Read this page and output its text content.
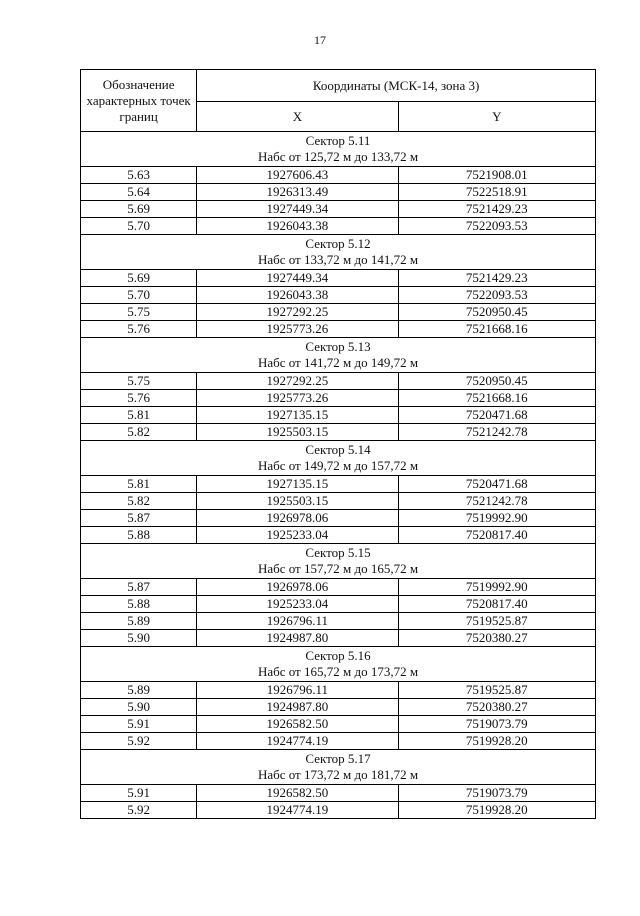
17
Обозначение характерных точек границ	Координаты (МСК-14, зона 3)	
	X	Y

Сектор 5.11
Набс от 125,72 м до 133,72 м		

5.63	1927606.43	7521908.01
5.64	1926313.49	7522518.91
5.69	1927449.34	7521429.23
5.70	1926043.38	7522093.53

Сектор 5.12
Набс от 133,72 м до 141,72 м		

5.69	1927449.34	7521429.23
5.70	1926043.38	7522093.53
5.75	1927292.25	7520950.45
5.76	1925773.26	7521668.16

Сектор 5.13
Набс от 141,72 м до 149,72 м		

5.75	1927292.25	7520950.45
5.76	1925773.26	7521668.16
5.81	1927135.15	7520471.68
5.82	1925503.15	7521242.78

Сектор 5.14
Набс от 149,72 м до 157,72 м		

5.81	1927135.15	7520471.68
5.82	1925503.15	7521242.78
5.87	1926978.06	7519992.90
5.88	1925233.04	7520817.40

Сектор 5.15
Набс от 157,72 м до 165,72 м		

5.87	1926978.06	7519992.90
5.88	1925233.04	7520817.40
5.89	1926796.11	7519525.87
5.90	1924987.80	7520380.27

Сектор 5.16
Набс от 165,72 м до 173,72 м		

5.89	1926796.11	7519525.87
5.90	1924987.80	7520380.27
5.91	1926582.50	7519073.79
5.92	1924774.19	7519928.20

Сектор 5.17
Набс от 173,72 м до 181,72 м		

5.91	1926582.50	7519073.79
5.92	1924774.19	7519928.20
